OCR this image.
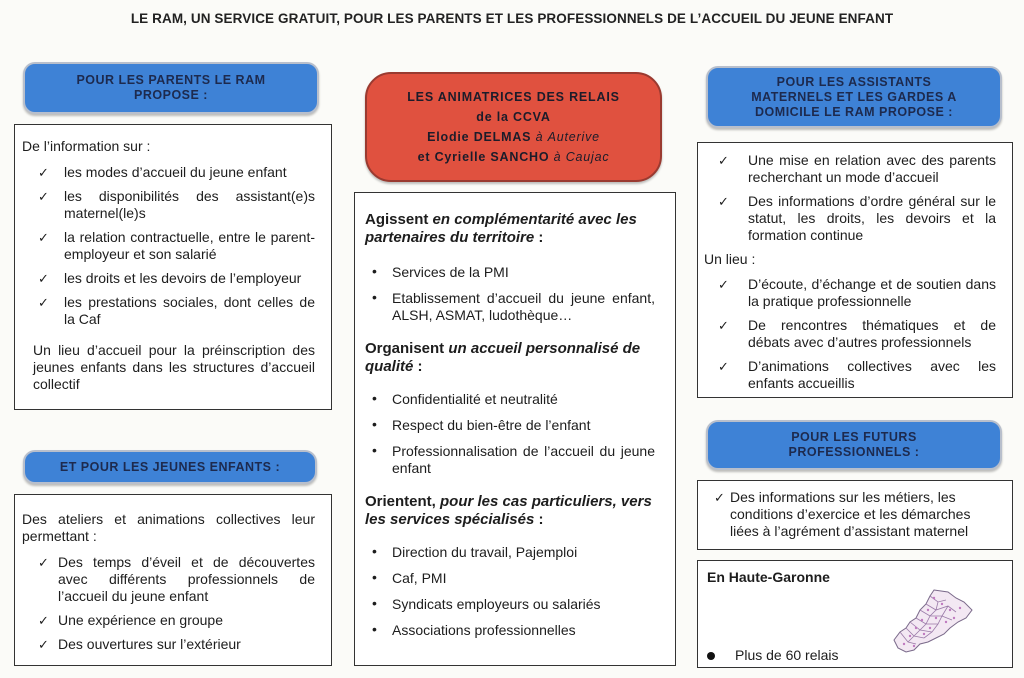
LE RAM, UN SERVICE GRATUIT, POUR LES PARENTS ET LES PROFESSIONNELS DE L’ACCUEIL DU JEUNE ENFANT
POUR LES PARENTS LE RAM
PROPOSE :
De l’information sur :
✓ les modes d’accueil du jeune enfant
✓ les disponibilités des assistant(e)s maternel(le)s
✓ la relation contractuelle, entre le parent-employeur et son salarié
✓ les droits et les devoirs de l’employeur
✓ les prestations sociales, dont celles de la Caf

Un lieu d’accueil pour la préinscription des jeunes enfants dans les structures d’accueil collectif

ET POUR LES JEUNES ENFANTS :
Des ateliers et animations collectives leur permettant :
✓ Des temps d’éveil et de découvertes avec différents professionnels de l’accueil du jeune enfant
✓ Une expérience en groupe
✓ Des ouvertures sur l’extérieur
LES ANIMATRICES DES RELAIS
de la CCVA
Elodie DELMAS à Auterive
et Cyrielle SANCHO à Caujac
Agissent en complémentarité avec les partenaires du territoire :
• Services de la PMI
• Etablissement d’accueil du jeune enfant, ALSH, ASMAT, ludothèque…
Organisent un accueil personnalisé de qualité :
• Confidentialité et neutralité
• Respect du bien-être de l’enfant
• Professionnalisation de l’accueil du jeune enfant
Orientent, pour les cas particuliers, vers les services spécialisés :
• Direction du travail, Pajemploi
• Caf, PMI
• Syndicats employeurs ou salariés
• Associations professionnelles
POUR LES ASSISTANTS
MATERNELS ET LES GARDES A
DOMICILE LE RAM PROPOSE :
✓ Une mise en relation avec des parents recherchant un mode d’accueil
✓ Des informations d’ordre général sur le statut, les droits, les devoirs et la formation continue
Un lieu :
✓ D’écoute, d’échange et de soutien dans la pratique professionnelle
✓ De rencontres thématiques et de débats avec d’autres professionnels
✓ D’animations collectives avec les enfants accueillis
POUR LES FUTURS
PROFESSIONNELS :
✓ Des informations sur les métiers, les conditions d’exercice et les démarches liées à l’agrément d’assistant maternel
En Haute-Garonne
Plus de 60 relais
